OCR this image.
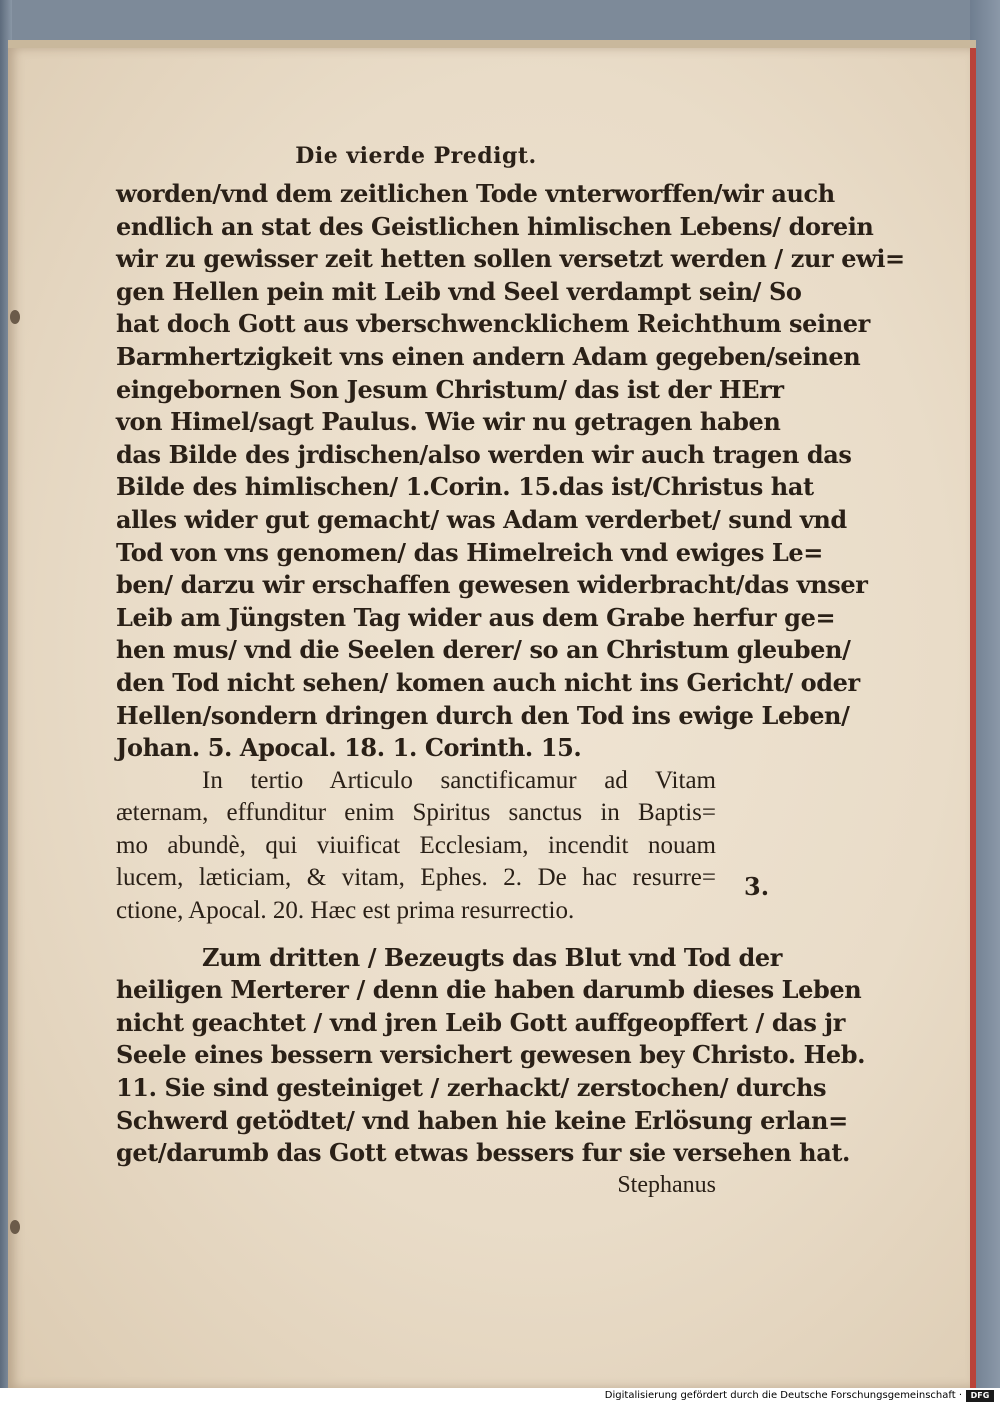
Die vierde Predigt.
worden/vnd dem zeitlichen Tode vnterworffen/wir auch
endlich an stat des Geistlichen himlischen Lebens/ dorein
wir zu gewisser zeit hetten sollen versetzt werden / zur ewi=
gen Hellen pein mit Leib vnd Seel verdampt sein/ So
hat doch Gott aus vberschwencklichem Reichthum seiner
Barmhertzigkeit vns einen andern Adam gegeben/seinen
eingebornen Son Jesum Christum/ das ist der HErr
von Himel/sagt Paulus. Wie wir nu getragen haben
das Bilde des jrdischen/also werden wir auch tragen das
Bilde des himlischen/ 1.Corin. 15.das ist/Christus hat
alles wider gut gemacht/ was Adam verderbet/ sund vnd
Tod von vns genomen/ das Himelreich vnd ewiges Le=
ben/ darzu wir erschaffen gewesen widerbracht/das vnser
Leib am Jüngsten Tag wider aus dem Grabe herfur ge=
hen mus/ vnd die Seelen derer/ so an Christum gleuben/
den Tod nicht sehen/ komen auch nicht ins Gericht/ oder
Hellen/sondern dringen durch den Tod ins ewige Leben/
Johan. 5. Apocal. 18. 1. Corinth. 15.
In tertio Articulo sanctificamur ad Vitam
æternam, effunditur enim Spiritus sanctus in Baptis=
mo abundè, qui viuificat Ecclesiam, incendit nouam
lucem, læticiam, & vitam, Ephes. 2. De hac resurre=
ctione, Apocal. 20. Hæc est prima resurrectio.
Zum dritten / Bezeugts das Blut vnd Tod der
heiligen Merterer / denn die haben darumb dieses Leben
nicht geachtet / vnd jren Leib Gott auffgeopffert / das jr
Seele eines bessern versichert gewesen bey Christo. Heb.
11. Sie sind gesteiniget / zerhackt/ zerstochen/ durchs
Schwerd getödtet/ vnd haben hie keine Erlösung erlan=
get/darumb das Gott etwas bessers fur sie versehen hat.
Stephanus
3.
Digitalisierung gefördert durch die Deutsche Forschungsgemeinschaft ·	DFG
